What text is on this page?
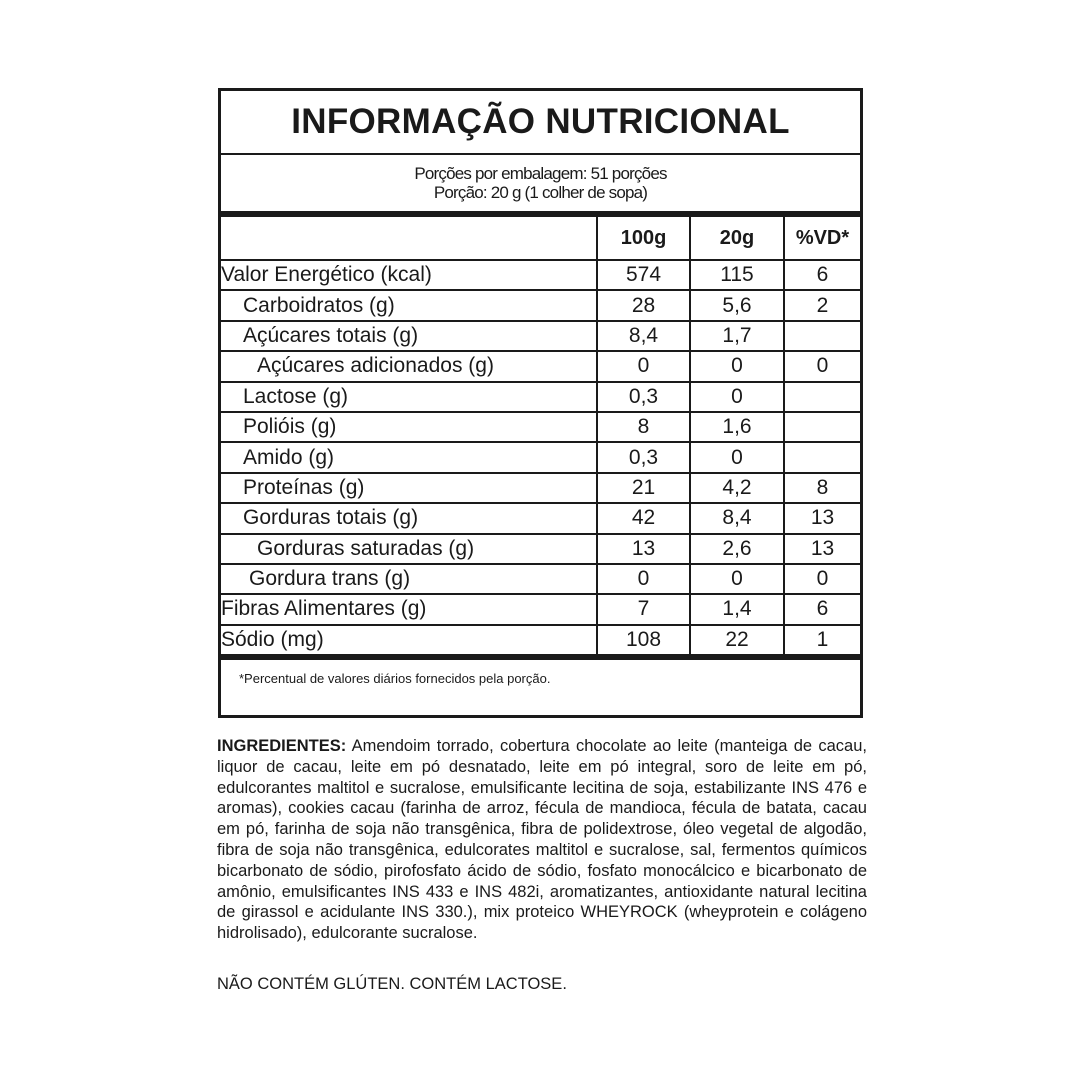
INFORMAÇÃO NUTRICIONAL
Porções por embalagem: 51 porções
Porção: 20 g (1 colher de sopa)
	100g	20g	%VD*
Valor Energético (kcal)	574	115	6
Carboidratos (g)	28	5,6	2
Açúcares totais (g)	8,4	1,7	
Açúcares adicionados (g)	0	0	0
Lactose (g)	0,3	0	
Polióis (g)	8	1,6	
Amido (g)	0,3	0	
Proteínas (g)	21	4,2	8
Gorduras totais (g)	42	8,4	13
Gorduras saturadas (g)	13	2,6	13
Gordura trans (g)	0	0	0
Fibras Alimentares (g)	7	1,4	6
Sódio (mg)	108	22	1
*Percentual de valores diários fornecidos pela porção.
INGREDIENTES: Amendoim torrado, cobertura chocolate ao leite (manteiga de cacau, liquor de cacau, leite em pó desnatado, leite em pó integral, soro de leite em pó, edulcorantes maltitol e sucralose, emulsificante lecitina de soja, estabilizante INS 476 e aromas), cookies cacau (farinha de arroz, fécula de mandioca, fécula de batata, cacau em pó, farinha de soja não transgênica, fibra de polidextrose, óleo vegetal de algodão, fibra de soja não transgênica, edulcorates maltitol e sucralose, sal, fermentos químicos bicarbonato de sódio, pirofosfato ácido de sódio, fosfato monocálcico e bicarbonato de amônio, emulsificantes INS 433 e INS 482i, aromatizantes, antioxidante natural lecitina de girassol e acidulante INS 330.), mix proteico WHEYROCK (wheyprotein e colágeno hidrolisado), edulcorante sucralose.
NÃO CONTÉM GLÚTEN. CONTÉM LACTOSE.
